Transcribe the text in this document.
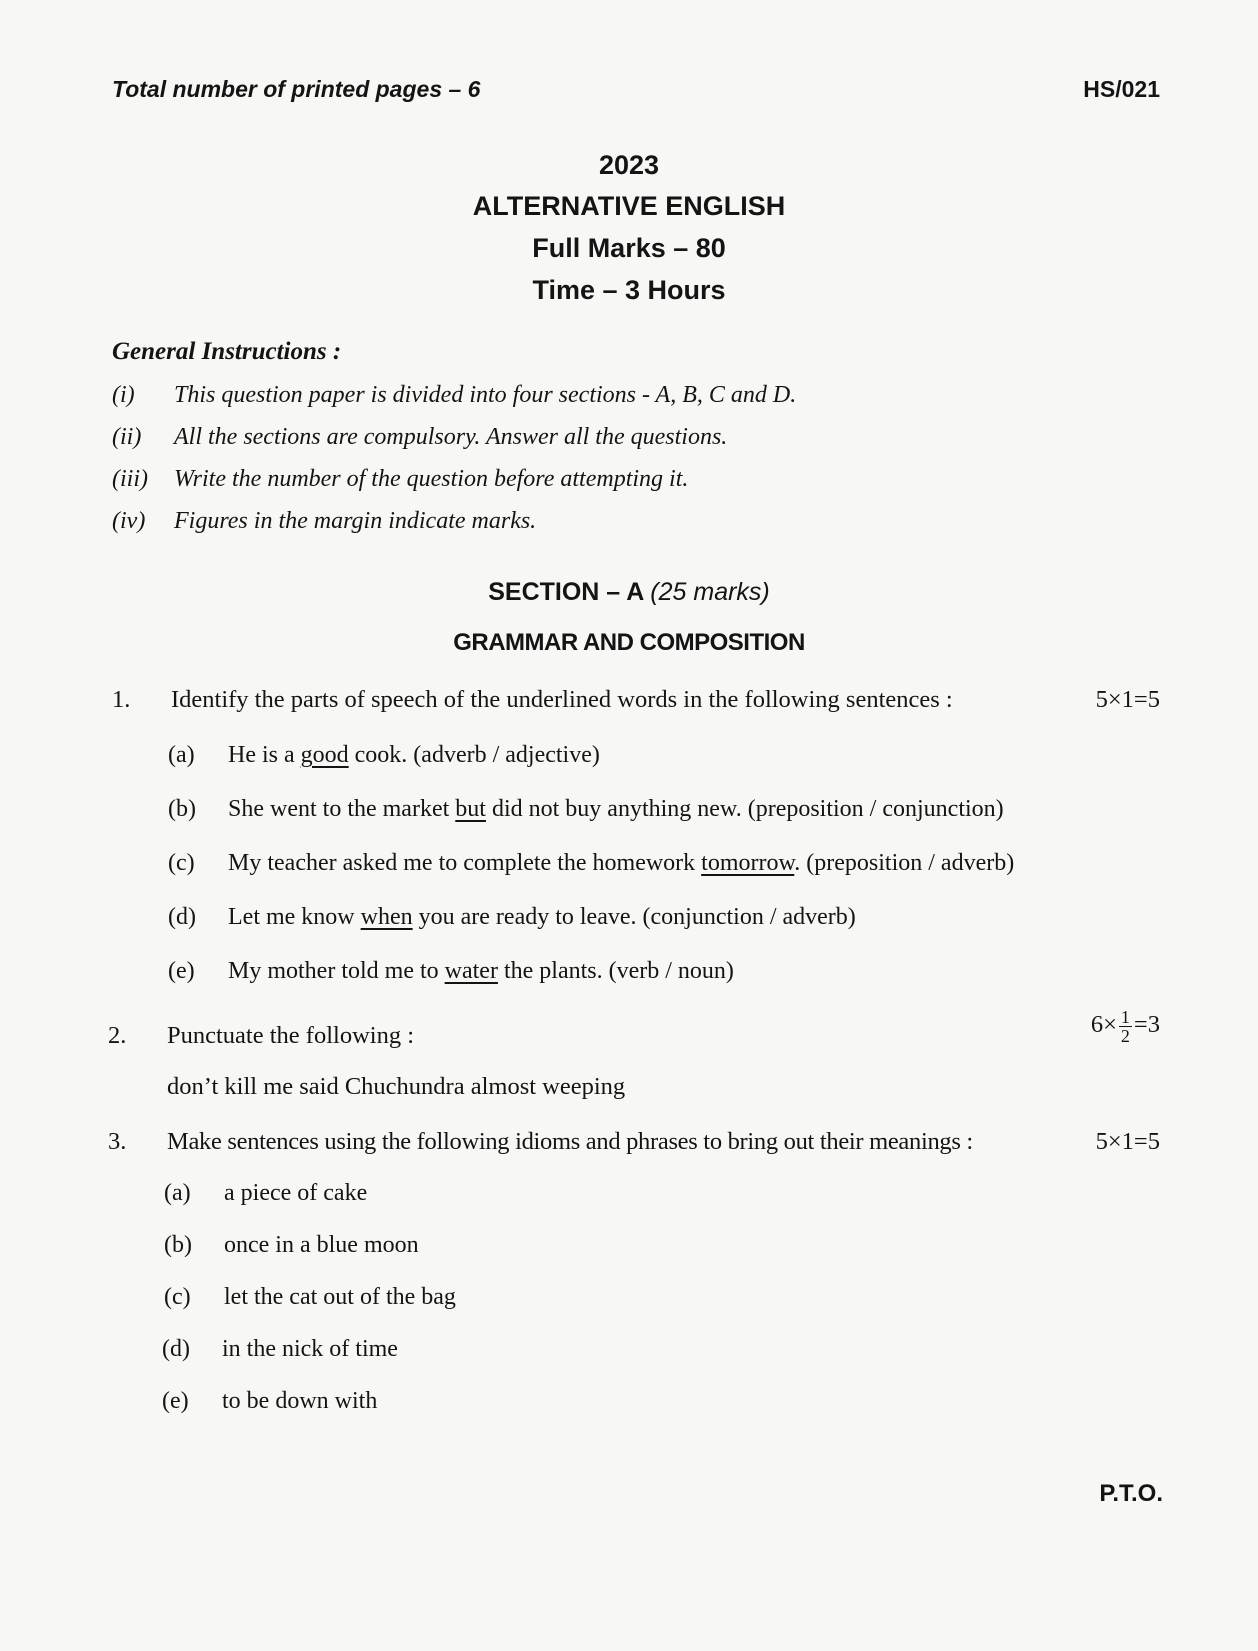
Total number of printed pages – 6	HS/021
2023
ALTERNATIVE ENGLISH
Full Marks – 80
Time – 3 Hours
General Instructions :
(i) This question paper is divided into four sections - A, B, C and D.
(ii) All the sections are compulsory. Answer all the questions.
(iii) Write the number of the question before attempting it.
(iv) Figures in the margin indicate marks.
SECTION – A (25 marks)
GRAMMAR AND COMPOSITION
1. Identify the parts of speech of the underlined words in the following sentences :	5×1=5
(a) He is a good cook. (adverb / adjective)
(b) She went to the market but did not buy anything new. (preposition / conjunction)
(c) My teacher asked me to complete the homework tomorrow. (preposition / adverb)
(d) Let me know when you are ready to leave. (conjunction / adverb)
(e) My mother told me to water the plants. (verb / noun)
2. Punctuate the following :	$6\times \frac{1}{2} =3$
don’t kill me said Chuchundra almost weeping
3. Make sentences using the following idioms and phrases to bring out their meanings :	5×1=5
(a) a piece of cake
(b) once in a blue moon
(c) let the cat out of the bag
(d) in the nick of time
(e) to be down with
P.T.O.
